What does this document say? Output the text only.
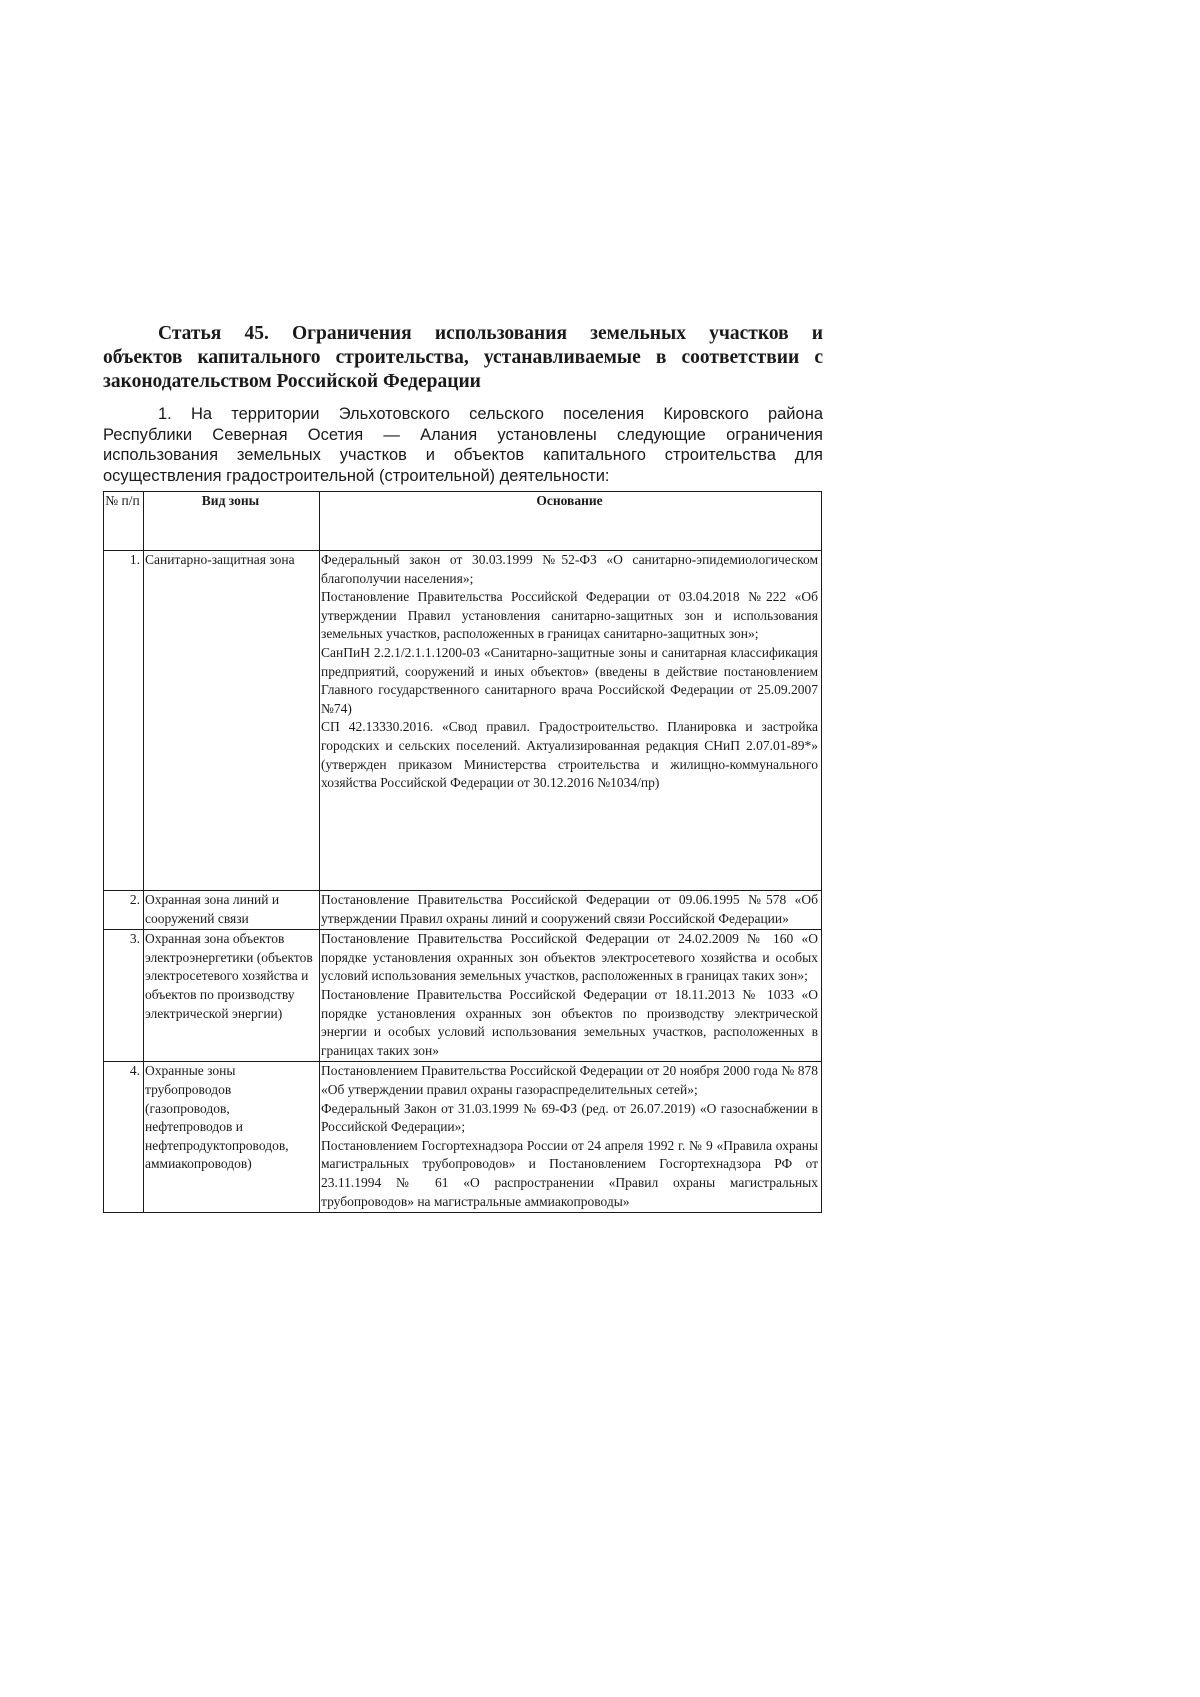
Статья 45. Ограничения использования земельных участков и
объектов капитального строительства, устанавливаемые в соответствии с законодательством Российской Федерации

1. На территории Эльхотовского сельского поселения Кировского района
Республики Северная Осетия — Алания установлены следующие ограничения
использования земельных участков и объектов капитального строительства для
осуществления градостроительной (строительной) деятельности:

№ п/п	Вид зоны	Основание
1.	Санитарно-защитная зона	Федеральный закон от 30.03.1999 №52-ФЗ «О санитарно-эпидемиологическом благополучии населения»;
Постановление Правительства Российской Федерации от 03.04.2018 №222 «Об утверждении Правил установления санитарно-защитных зон и использования земельных участков, расположенных в границах санитарно-защитных зон»;
СанПиН 2.2.1/2.1.1.1200-03 «Санитарно-защитные зоны и санитарная классификация предприятий, сооружений и иных объектов» (введены в действие постановлением Главного государственного санитарного врача Российской Федерации от 25.09.2007 №74)
СП 42.13330.2016. «Свод правил. Градостроительство. Планировка и застройка городских и сельских поселений. Актуализированная редакция СНиП 2.07.01-89*» (утвержден приказом Министерства строительства и жилищно-коммунального хозяйства Российской Федерации от 30.12.2016 №1034/пр)

2.	Охранная зона линий и сооружений связи	Постановление Правительства Российской Федерации от 09.06.1995 №578 «Об утверждении Правил охраны линий и сооружений связи Российской Федерации»

3.	Охранная зона объектов электроэнергетики (объектов электросетевого хозяйства и объектов по производству электрической энергии)	Постановление Правительства Российской Федерации от 24.02.2009 № 160 «О порядке установления охранных зон объектов электросетевого хозяйства и особых условий использования земельных участков, расположенных в границах таких зон»;
Постановление Правительства Российской Федерации от 18.11.2013 № 1033 «О порядке установления охранных зон объектов по производству электрической энергии и особых условий использования земельных участков, расположенных в границах таких зон»

4.	Охранные зоны трубопроводов (газопроводов, нефтепроводов и нефтепродуктопроводов, аммиакопроводов)	Постановлением Правительства Российской Федерации от 20 ноября 2000 года № 878 «Об утверждении правил охраны газораспределительных сетей»;
Федеральный Закон от 31.03.1999 № 69-ФЗ (ред. от 26.07.2019) «О газоснабжении в Российской Федерации»;
Постановлением Госгортехнадзора России от 24 апреля 1992 г. № 9 «Правила охраны магистральных трубопроводов» и Постановлением Госгортехнадзора РФ от 23.11.1994 № 61 «О распространении «Правил охраны магистральных трубопроводов» на магистральные аммиакопроводы»
